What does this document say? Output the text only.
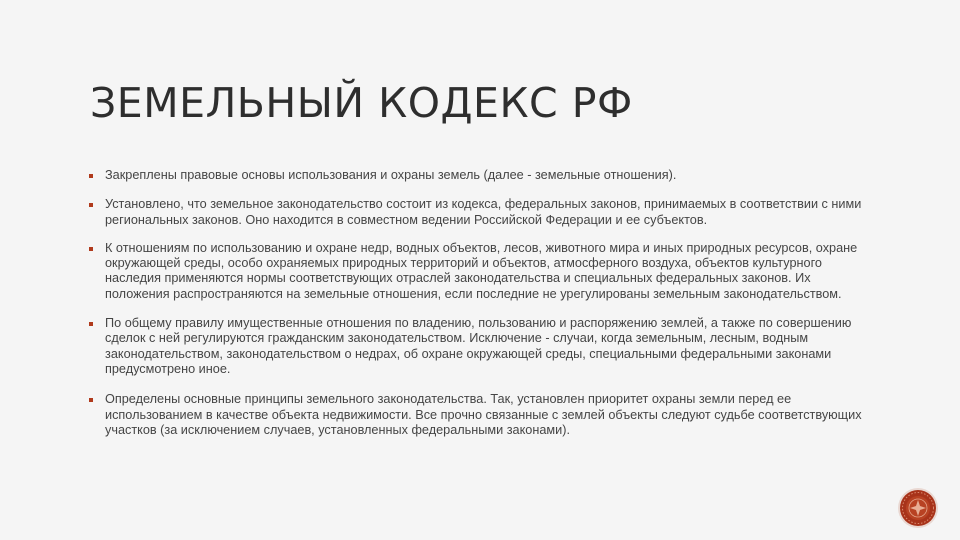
ЗЕМЕЛЬНЫЙ КОДЕКС РФ
Закреплены правовые основы использования и охраны земель (далее - земельные отношения).
Установлено, что земельное законодательство состоит из кодекса, федеральных законов, принимаемых в соответствии с ними региональных законов. Оно находится в совместном ведении Российской Федерации и ее субъектов.
К отношениям по использованию и охране недр, водных объектов, лесов, животного мира и иных природных ресурсов, охране окружающей среды, особо охраняемых природных территорий и объектов, атмосферного воздуха, объектов культурного наследия применяются нормы соответствующих отраслей законодательства и специальных федеральных законов. Их положения распространяются на земельные отношения, если последние не урегулированы земельным законодательством.
По общему правилу имущественные отношения по владению, пользованию и распоряжению землей, а также по совершению сделок с ней регулируются гражданским законодательством. Исключение - случаи, когда земельным, лесным, водным законодательством, законодательством о недрах, об охране окружающей среды, специальными федеральными законами предусмотрено иное.
Определены основные принципы земельного законодательства. Так, установлен приоритет охраны земли перед ее использованием в качестве объекта недвижимости. Все прочно связанные с землей объекты следуют судьбе соответствующих участков (за исключением случаев, установленных федеральными законами).
